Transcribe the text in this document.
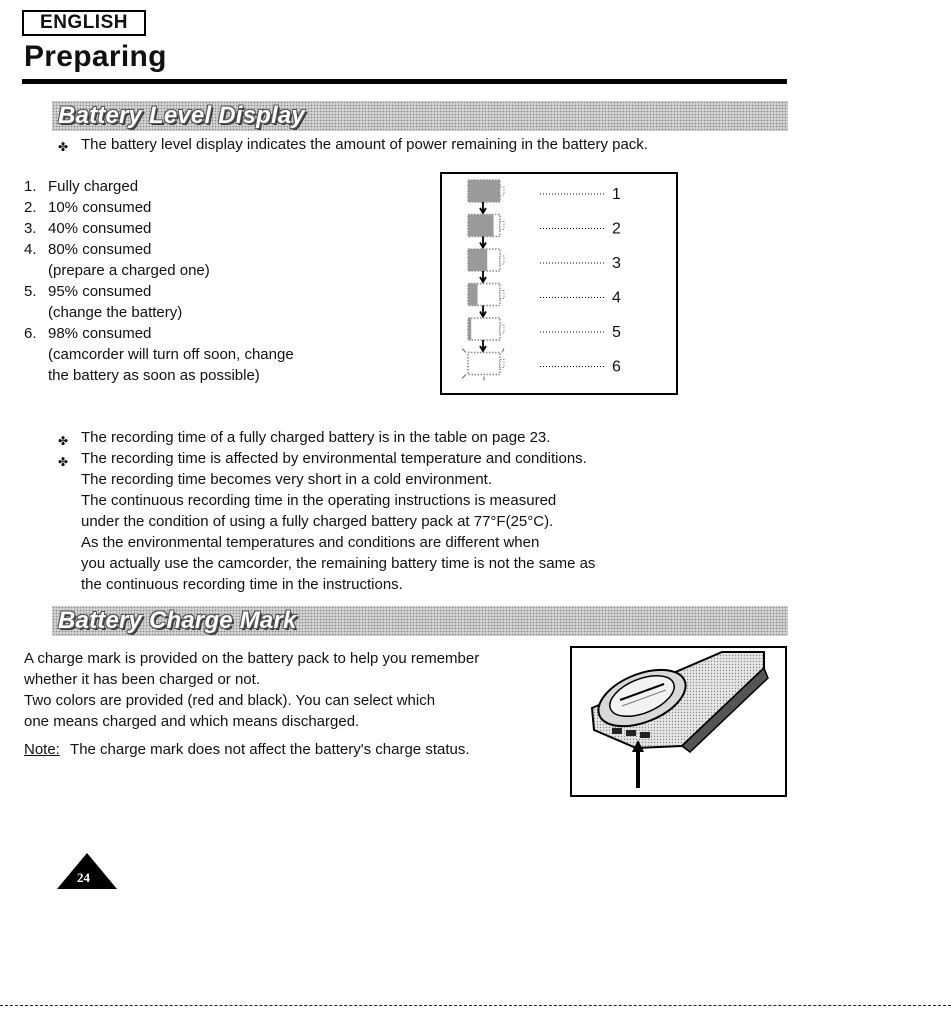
ENGLISH
Preparing
Battery Level Display
✤ The battery level display indicates the amount of power remaining in the battery pack.
1. Fully charged
2. 10% consumed
3. 40% consumed
4. 80% consumed
(prepare a charged one)
5. 95% consumed
(change the battery)
6. 98% consumed
(camcorder will turn off soon, change
the battery as soon as possible)
1
2
3
4
5
6
✤ The recording time of a fully charged battery is in the table on page 23.
✤ The recording time is affected by environmental temperature and conditions.
The recording time becomes very short in a cold environment.
The continuous recording time in the operating instructions is measured
under the condition of using a fully charged battery pack at 77°F(25°C).
As the environmental temperatures and conditions are different when
you actually use the camcorder, the remaining battery time is not the same as
the continuous recording time in the instructions.
Battery Charge Mark
A charge mark is provided on the battery pack to help you remember
whether it has been charged or not.
Two colors are provided (red and black). You can select which
one means charged and which means discharged.
Note: The charge mark does not affect the battery's charge status.
24
